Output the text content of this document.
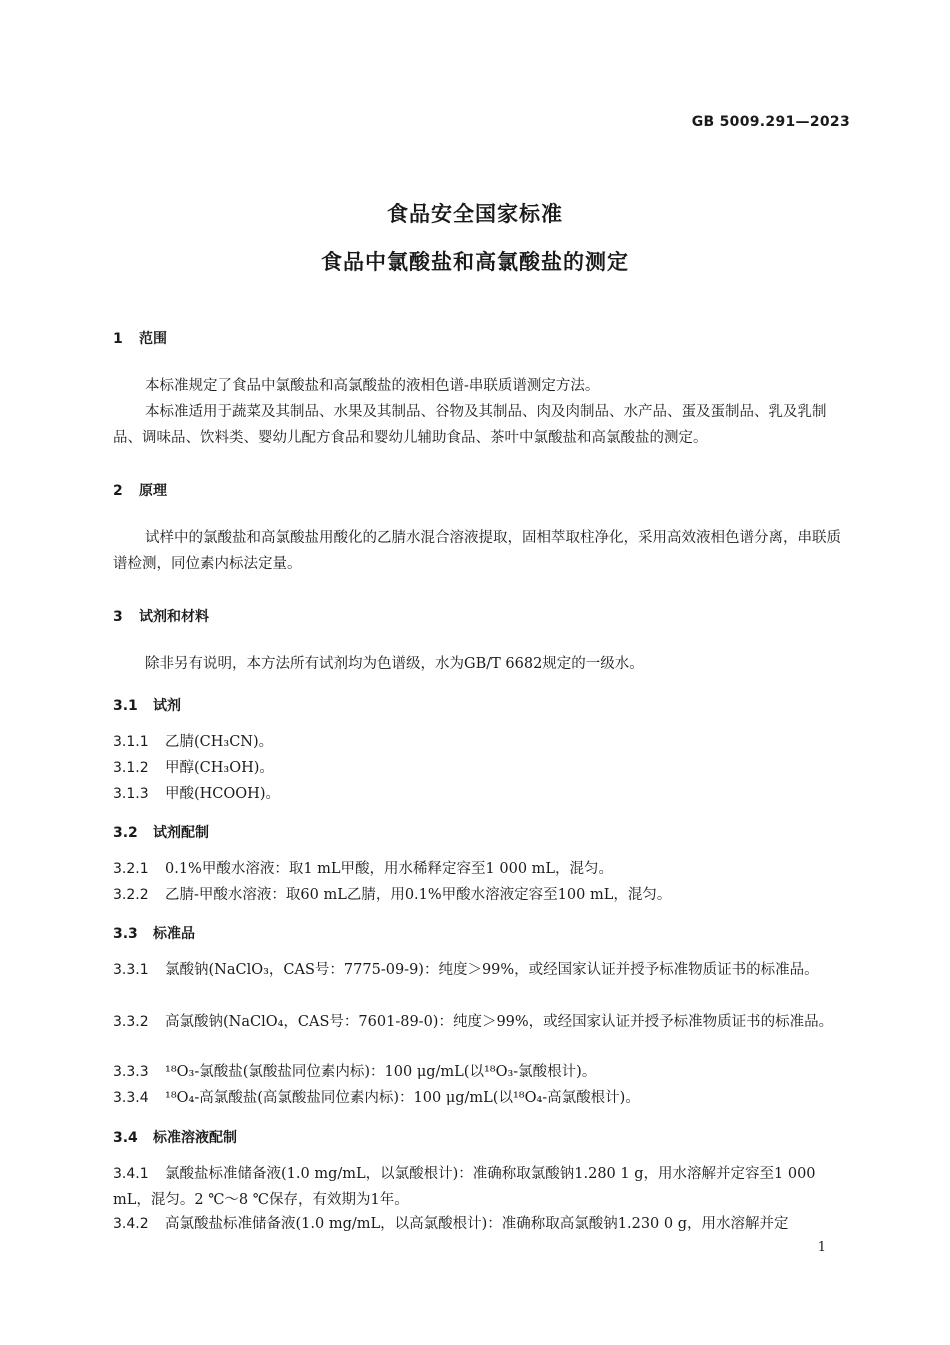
GB 5009.291—2023
食品安全国家标准
食品中氯酸盐和高氯酸盐的测定
1 范围
本标准规定了食品中氯酸盐和高氯酸盐的液相色谱-串联质谱测定方法。
本标准适用于蔬菜及其制品、水果及其制品、谷物及其制品、肉及肉制品、水产品、蛋及蛋制品、乳及乳制品、调味品、饮料类、婴幼儿配方食品和婴幼儿辅助食品、茶叶中氯酸盐和高氯酸盐的测定。
2 原理
试样中的氯酸盐和高氯酸盐用酸化的乙腈水混合溶液提取，固相萃取柱净化，采用高效液相色谱分离，串联质谱检测，同位素内标法定量。
3 试剂和材料
除非另有说明，本方法所有试剂均为色谱级，水为GB/T 6682规定的一级水。
3.1 试剂
3.1.1 乙腈(CH₃CN)。
3.1.2 甲醇(CH₃OH)。
3.1.3 甲酸(HCOOH)。
3.2 试剂配制
3.2.1 0.1%甲酸水溶液：取1 mL甲酸，用水稀释定容至1 000 mL，混匀。
3.2.2 乙腈-甲酸水溶液：取60 mL乙腈，用0.1%甲酸水溶液定容至100 mL，混匀。
3.3 标准品
3.3.1 氯酸钠(NaClO₃，CAS号：7775-09-9)：纯度＞99%，或经国家认证并授予标准物质证书的标准品。
3.3.2 高氯酸钠(NaClO₄，CAS号：7601-89-0)：纯度＞99%，或经国家认证并授予标准物质证书的标准品。
3.3.3 ¹⁸O₃-氯酸盐(氯酸盐同位素内标)：100 μg/mL(以¹⁸O₃-氯酸根计)。
3.3.4 ¹⁸O₄-高氯酸盐(高氯酸盐同位素内标)：100 μg/mL(以¹⁸O₄-高氯酸根计)。
3.4 标准溶液配制
3.4.1 氯酸盐标准储备液(1.0 mg/mL，以氯酸根计)：准确称取氯酸钠1.280 1 g，用水溶解并定容至1 000 mL，混匀。2 ℃～8 ℃保存，有效期为1年。
3.4.2 高氯酸盐标准储备液(1.0 mg/mL，以高氯酸根计)：准确称取高氯酸钠1.230 0 g，用水溶解并定
1
